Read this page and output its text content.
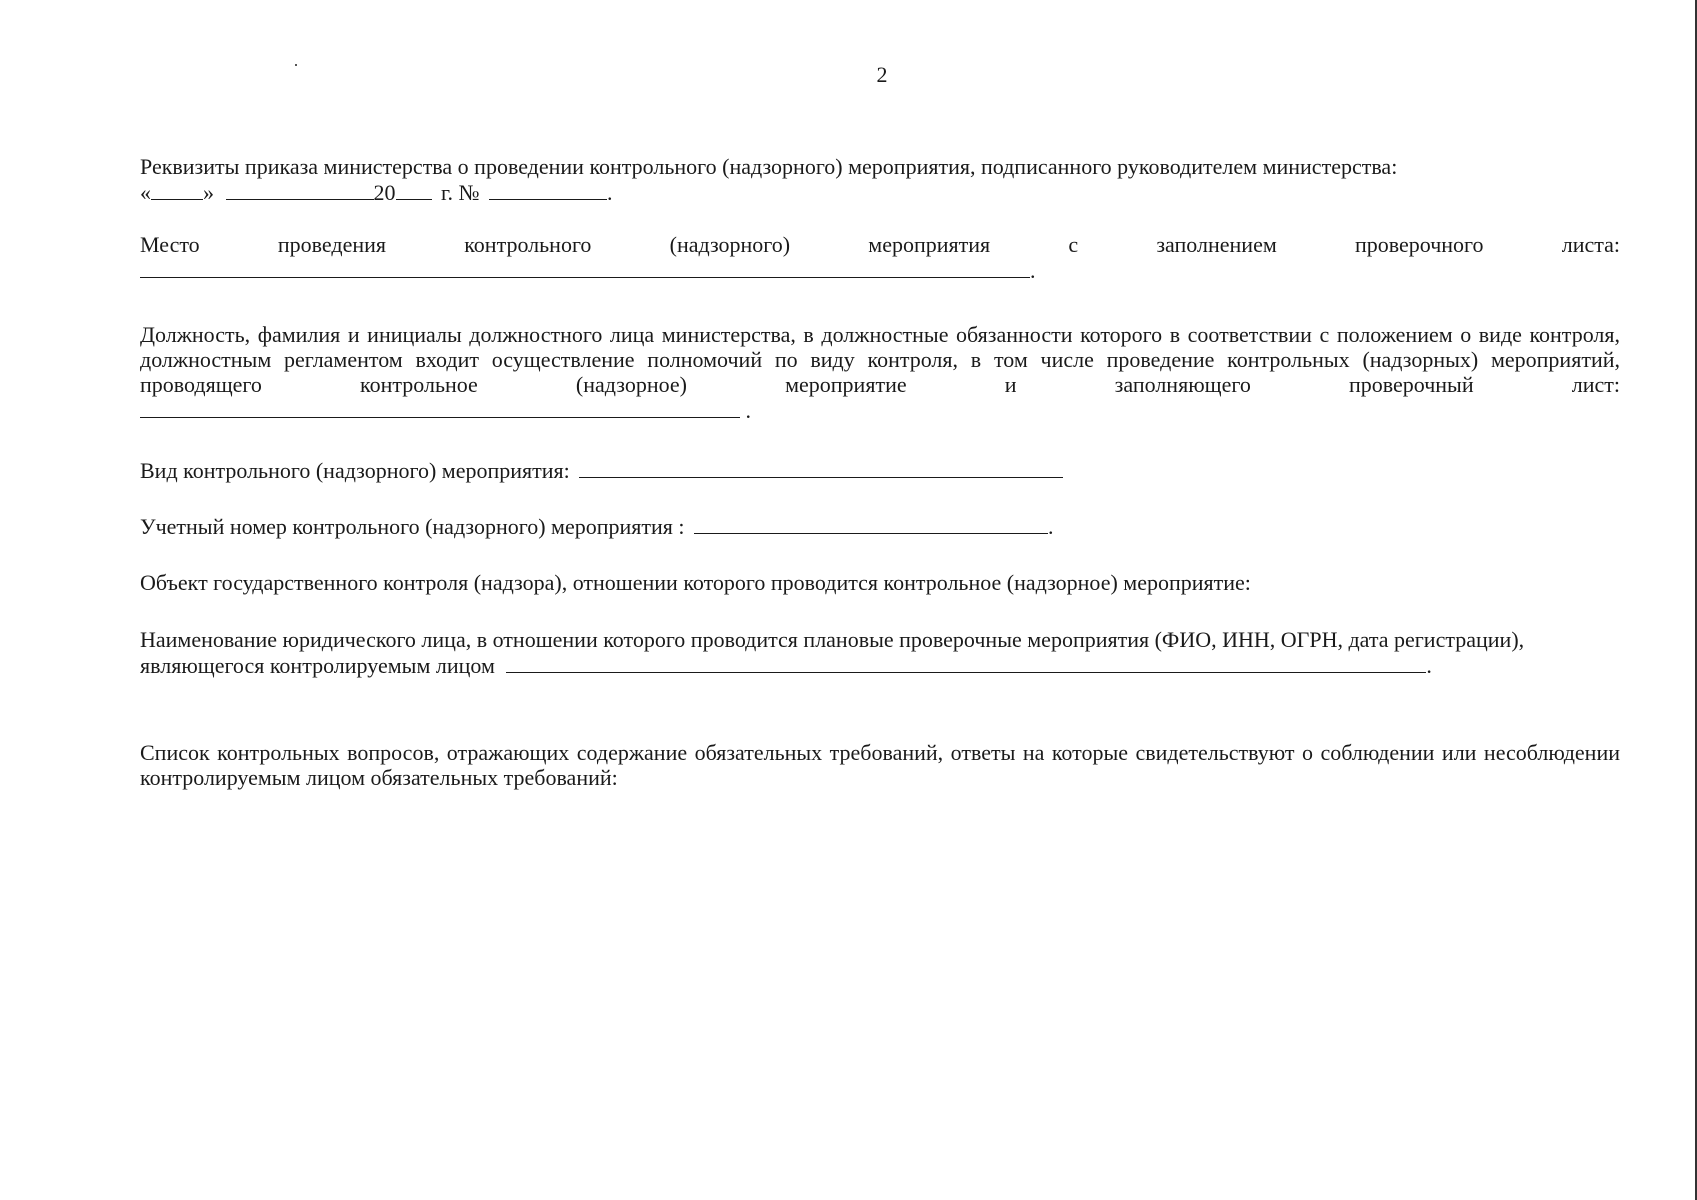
2
Реквизиты приказа министерства о проведении контрольного (надзорного) мероприятия, подписанного руководителем министерства:
« »	20 г. №	.
Место проведения контрольного (надзорного) мероприятия с заполнением проверочного листа:
.
Должность, фамилия и инициалы должностного лица министерства, в должностные обязанности которого в соответствии с положением о виде контроля, должностным регламентом входит осуществление полномочий по виду контроля, в том числе проведение контрольных (надзорных) мероприятий, проводящего контрольное (надзорное) мероприятие и заполняющего проверочный лист:
.
Вид контрольного (надзорного) мероприятия:
Учетный номер контрольного (надзорного) мероприятия :	.
Объект государственного контроля (надзора), отношении которого проводится контрольное (надзорное) мероприятие:
Наименование юридического лица, в отношении которого проводится плановые проверочные мероприятия (ФИО, ИНН, ОГРН, дата регистрации), являющегося контролируемым лицом	.
Список контрольных вопросов, отражающих содержание обязательных требований, ответы на которые свидетельствуют о соблюдении или несоблюдении контролируемым лицом обязательных требований:
